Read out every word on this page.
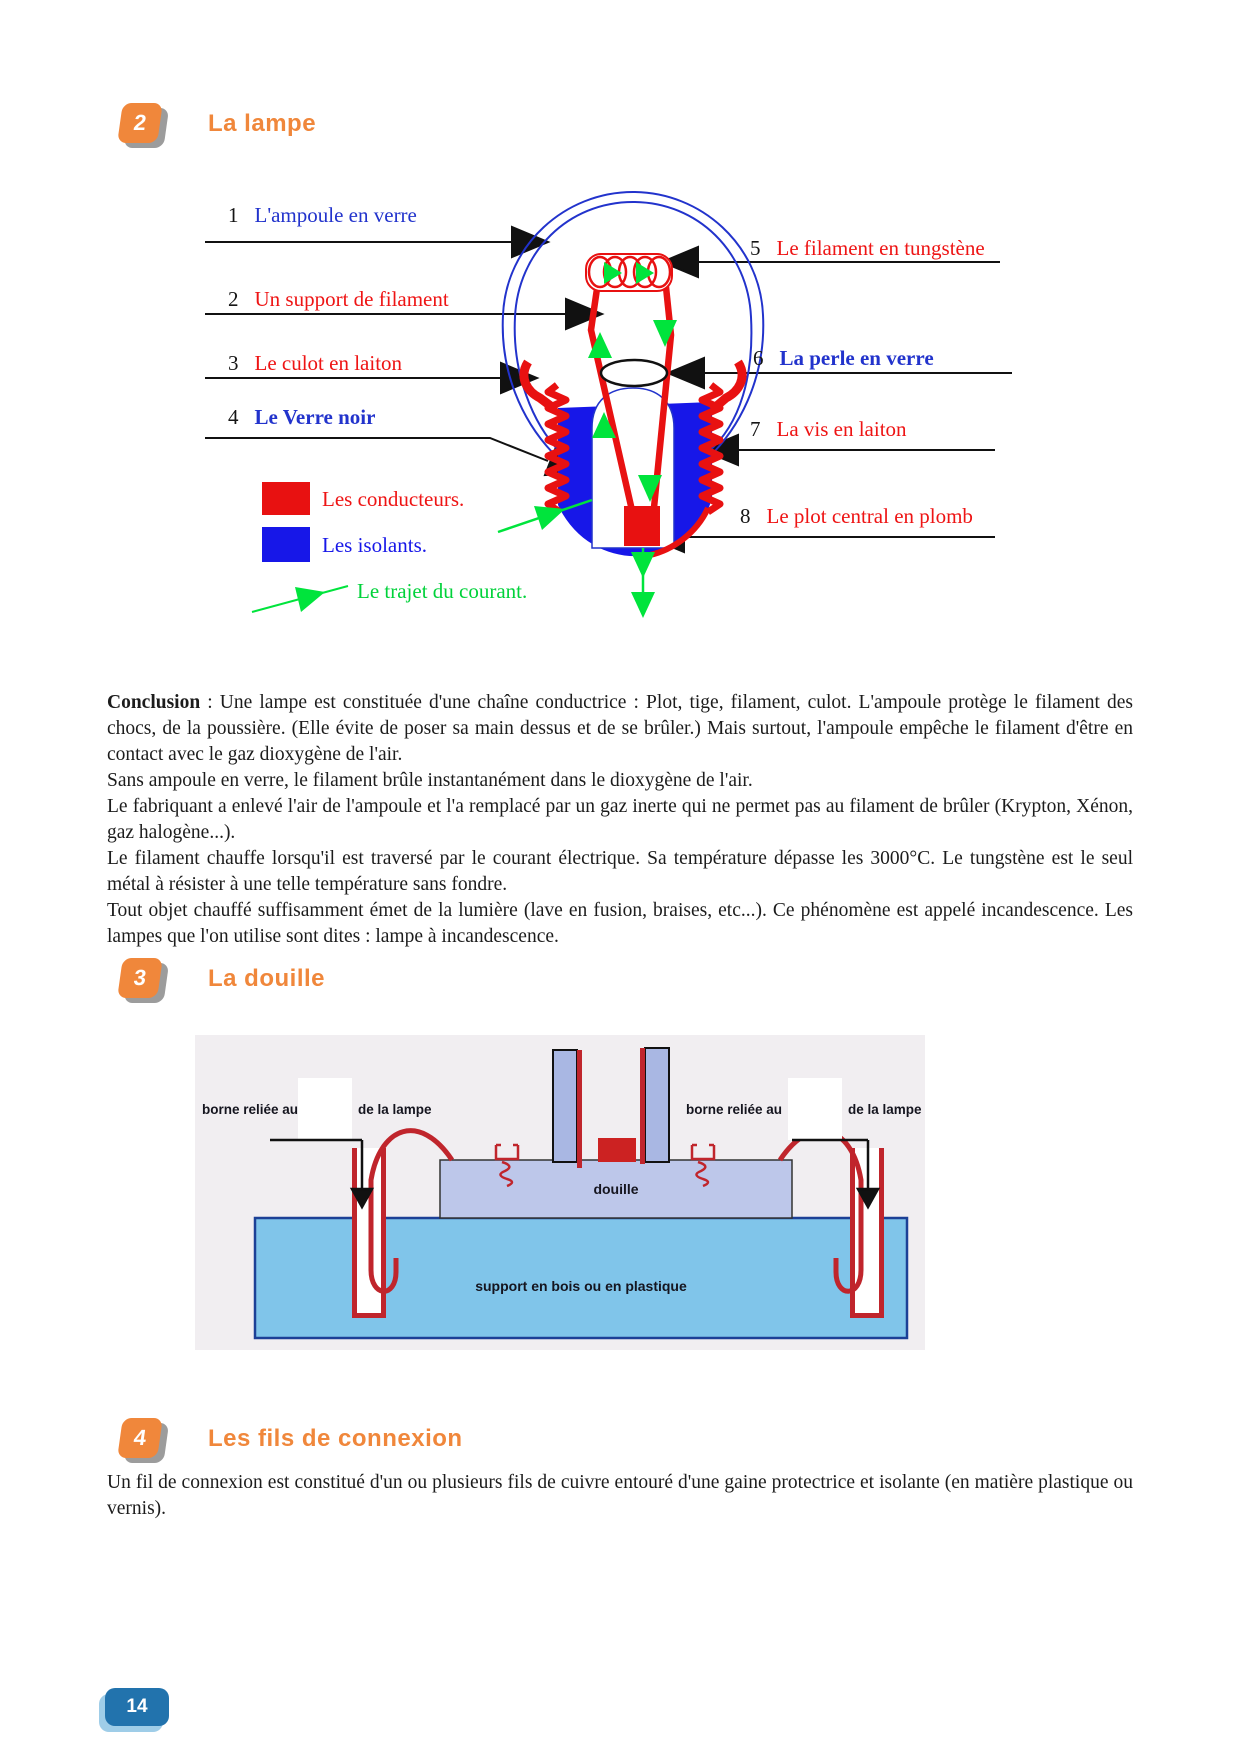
2	La lampe
1 L'ampoule en verre
2 Un support de filament
3 Le culot en laiton
4 Le Verre noir
5 Le filament en tungstène
6 La perle en verre
7 La vis en laiton
8 Le plot central en plomb
Les conducteurs.
Les isolants.
Le trajet du courant.

Conclusion : Une lampe est constituée d'une chaîne conductrice : Plot, tige, filament, culot. L'ampoule protège le filament des chocs, de la poussière. (Elle évite de poser sa main dessus et de se brûler.) Mais surtout, l'ampoule empêche le filament d'être en contact avec le gaz dioxygène de l'air.

Sans ampoule en verre, le filament brûle instantanément dans le dioxygène de l'air.

Le fabriquant a enlevé l'air de l'ampoule et l'a remplacé par un gaz inerte qui ne permet pas au filament de brûler (Krypton, Xénon, gaz halogène...).

Le filament chauffe lorsqu'il est traversé par le courant électrique. Sa température dépasse les 3000°C. Le tungstène est le seul métal à résister à une telle température sans fondre.

Tout objet chauffé suffisamment émet de la lumière (lave en fusion, braises, etc...). Ce phénomène est appelé incandescence. Les lampes que l'on utilise sont dites : lampe à incandescence.

3	La douille
borne reliée au	de la lampe	borne reliée au	de la lampe
douille
support en bois ou en plastique
4	Les fils de connexion

Un fil de connexion est constitué d'un ou plusieurs fils de cuivre entouré d'une gaine protectrice et isolante (en matière plastique ou vernis).

14
